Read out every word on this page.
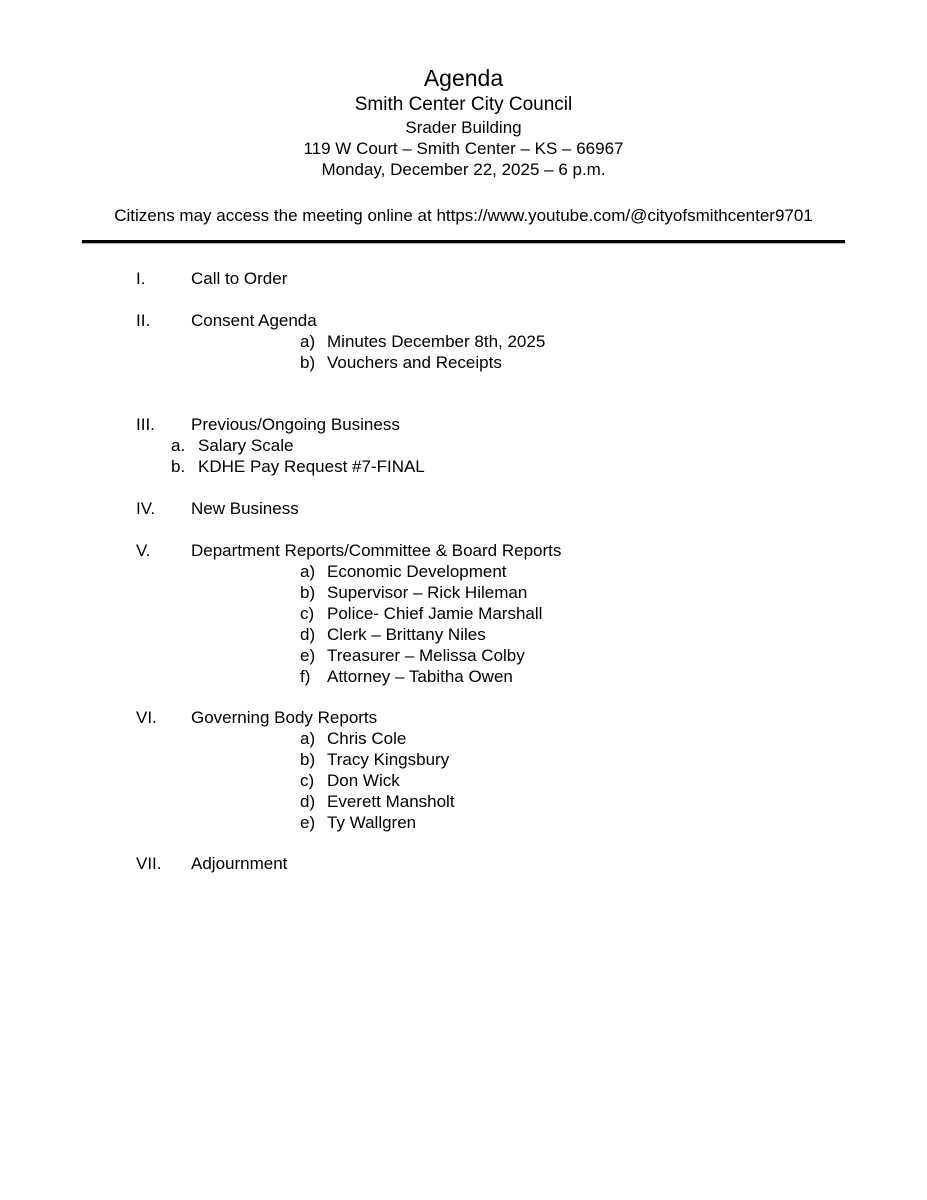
Agenda
Smith Center City Council
Srader Building
119 W Court – Smith Center – KS – 66967
Monday, December 22, 2025 – 6 p.m.
Citizens may access the meeting online at https://www.youtube.com/@cityofsmithcenter9701
I.	Call to Order
II. Consent Agenda
a) Minutes December 8th, 2025
b) Vouchers and Receipts
III. Previous/Ongoing Business
a. Salary Scale
b. KDHE Pay Request #7-FINAL
IV. New Business
V. Department Reports/Committee & Board Reports
a) Economic Development
b) Supervisor – Rick Hileman
c) Police- Chief Jamie Marshall
d) Clerk – Brittany Niles
e) Treasurer – Melissa Colby
f) Attorney – Tabitha Owen
VI. Governing Body Reports
a) Chris Cole
b) Tracy Kingsbury
c) Don Wick
d) Everett Mansholt
e) Ty Wallgren
VII. Adjournment
